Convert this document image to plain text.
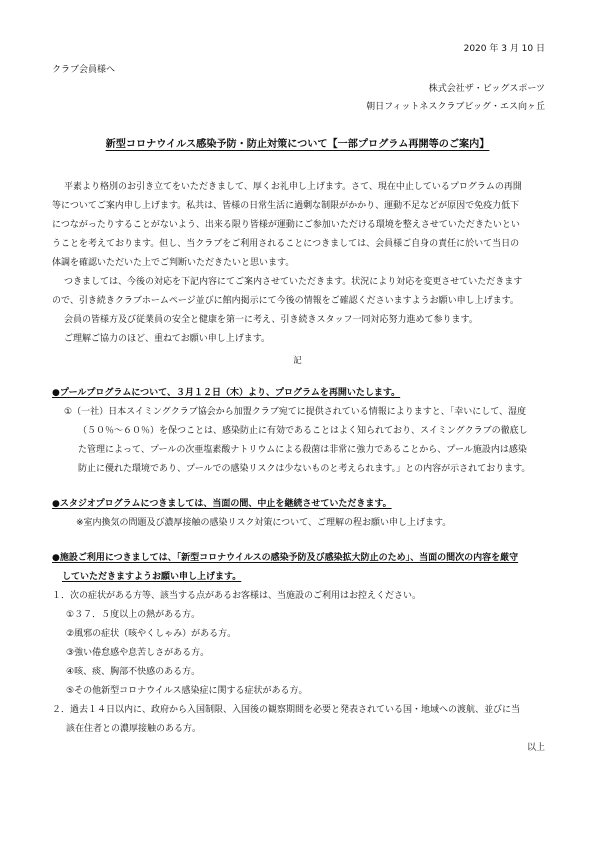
2020 年 3 月 10 日
クラブ会員様へ
株式会社ザ・ビッグスポーツ
朝日フィットネスクラブビッグ・エス向ヶ丘
新型コロナウイルス感染予防・防止対策について【一部プログラム再開等のご案内】
平素より格別のお引き立てをいただきまして、厚くお礼申し上げます。さて、現在中止しているプログラムの再開
等についてご案内申し上げます。私共は、皆様の日常生活に過剰な制限がかかり、運動不足などが原因で免疫力低下
につながったりすることがないよう、出来る限り皆様が運動にご参加いただける環境を整えさせていただきたいとい
うことを考えております。但し、当クラブをご利用されることにつきましては、会員様ご自身の責任に於いて当日の
体調を確認いただいた上でご判断いただきたいと思います。
つきましては、今後の対応を下記内容にてご案内させていただきます。状況により対応を変更させていただきます
ので、引き続きクラブホームページ並びに館内掲示にて今後の情報をご確認くださいますようお願い申し上げます。
会員の皆様方及び従業員の安全と健康を第一に考え、引き続きスタッフ一同対応努力進めて参ります。
ご理解ご協力のほど、重ねてお願い申し上げます。
記
●プールプログラムについて、３月１２日（木）より、プログラムを再開いたします。
①（一社）日本スイミングクラブ協会から加盟クラブ宛てに提供されている情報によりますと、「幸いにして、湿度
（５０％～６０％）を保つことは、感染防止に有効であることはよく知られており、スイミングクラブの徹底し
た管理によって、プールの次亜塩素酸ナトリウムによる殺菌は非常に強力であることから、プール施設内は感染
防止に優れた環境であり、プールでの感染リスクは少ないものと考えられます。」との内容が示されております。
●スタジオプログラムにつきましては、当面の間、中止を継続させていただきます。
※室内換気の問題及び濃厚接触の感染リスク対策について、ご理解の程お願い申し上げます。
●施設ご利用につきましては、「新型コロナウイルスの感染予防及び感染拡大防止のため」、当面の間次の内容を厳守
していただきますようお願い申し上げます。
１．次の症状がある方等、該当する点があるお客様は、当施設のご利用はお控えください。
①３７．５度以上の熱がある方。
②風邪の症状（咳やくしゃみ）がある方。
③強い倦怠感や息苦しさがある方。
④咳、痰、胸部不快感のある方。
⑤その他新型コロナウイルス感染症に関する症状がある方。
２．過去１４日以内に、政府から入国制限、入国後の観察期間を必要と発表されている国・地域への渡航、並びに当
該在住者との濃厚接触のある方。
以上
